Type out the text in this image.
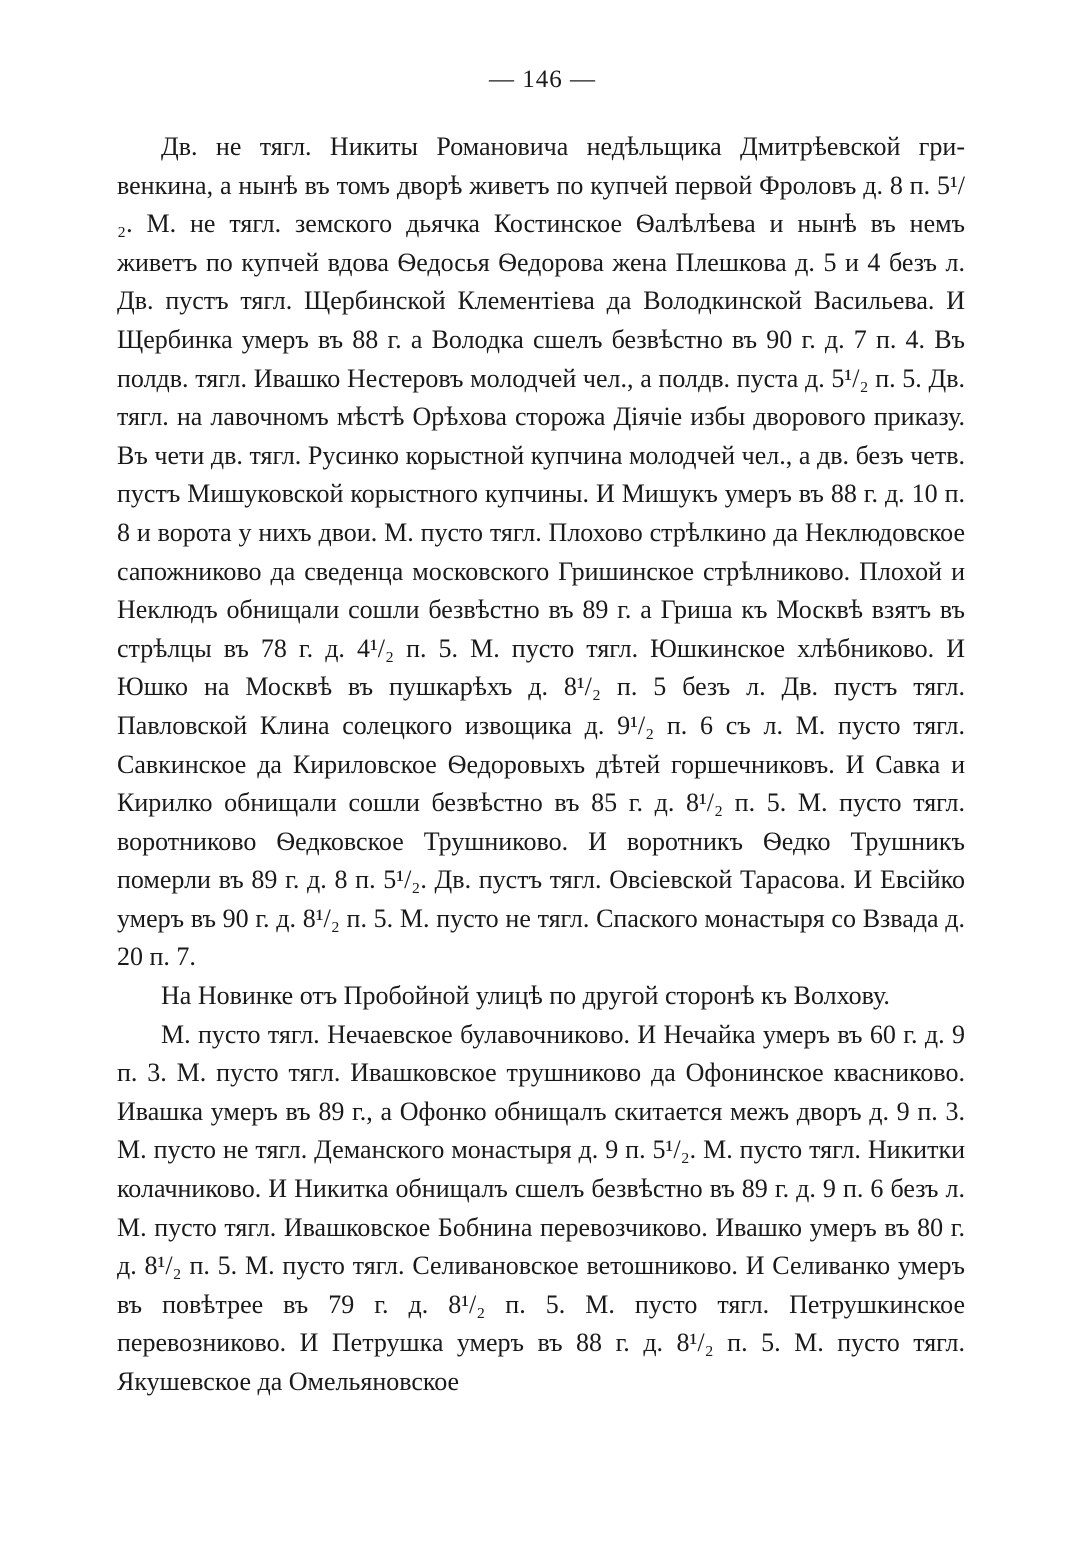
— 146 —

Дв. не тягл. Никиты Романовича недѣльщика Дмитрѣевской гривенкина, а нынѣ въ томъ дворѣ живетъ по купчей первой Фроловъ д. 8 п. 5¹/₂. М. не тягл. земского дьячка Костинское Ѳалѣлѣева и нынѣ въ немъ живетъ по купчей вдова Ѳедосья Ѳедорова жена Плешкова д. 5 и 4 безъ л. Дв. пустъ тягл. Щербинской Клементіева да Володкинской Васильева. И Щербинка умеръ въ 88 г. а Володка сшелъ безвѣстно въ 90 г. д. 7 п. 4. Въ полдв. тягл. Ивашко Нестеровъ молодчей чел., а полдв. пуста д. 5¹/₂ п. 5. Дв. тягл. на лавочномъ мѣстѣ Орѣхова сторожа Діячіе избы дворового приказу. Въ чети дв. тягл. Русинко корыстной купчина молодчей чел., а дв. безъ четв. пустъ Мишуковской корыстного купчины. И Мишукъ умеръ въ 88 г. д. 10 п. 8 и ворота у нихъ двои. М. пусто тягл. Плохово стрѣлкино да Неклюдовское сапожниково да сведенца московского Гришинское стрѣлниково. Плохой и Неклюдъ обнищали сошли безвѣстно въ 89 г. а Гриша къ Москвѣ взятъ въ стрѣлцы въ 78 г. д. 4¹/₂ п. 5. М. пусто тягл. Юшкинское хлѣбниково. И Юшко на Москвѣ въ пушкарѣхъ д. 8¹/₂ п. 5 безъ л. Дв. пустъ тягл. Павловской Клина солецкого извощика д. 9¹/₂ п. 6 съ л. М. пусто тягл. Савкинское да Кириловское Ѳедоровыхъ дѣтей горшечниковъ. И Савка и Кирилко обнищали сошли безвѣстно въ 85 г. д. 8¹/₂ п. 5. М. пусто тягл. воротниково Ѳедковское Трушниково. И воротникъ Ѳедко Трушникъ померли въ 89 г. д. 8 п. 5¹/₂. Дв. пустъ тягл. Овсіевской Тарасова. И Евсійко умеръ въ 90 г. д. 8¹/₂ п. 5. М. пусто не тягл. Спаского монастыря со Взвада д. 20 п. 7.

На Новинке отъ Пробойной улицѣ по другой сторонѣ къ Волхову.

М. пусто тягл. Нечаевское булавочниково. И Нечайка умеръ въ 60 г. д. 9 п. 3. М. пусто тягл. Ивашковское трушниково да Офонинское квасниково. Ивашка умеръ въ 89 г., а Офонко обнищалъ скитается межъ дворъ д. 9 п. 3. М. пусто не тягл. Деманского монастыря д. 9 п. 5¹/₂. М. пусто тягл. Никитки колачниково. И Никитка обнищалъ сшелъ безвѣстно въ 89 г. д. 9 п. 6 безъ л. М. пусто тягл. Ивашковское Бобнина перевозчиково. Ивашко умеръ въ 80 г. д. 8¹/₂ п. 5. М. пусто тягл. Селивановское ветошниково. И Селиванко умеръ въ повѣтрее въ 79 г. д. 8¹/₂ п. 5. М. пусто тягл. Петрушкинское перевозниково. И Петрушка умеръ въ 88 г. д. 8¹/₂ п. 5. М. пусто тягл. Якушевское да Омельяновское
